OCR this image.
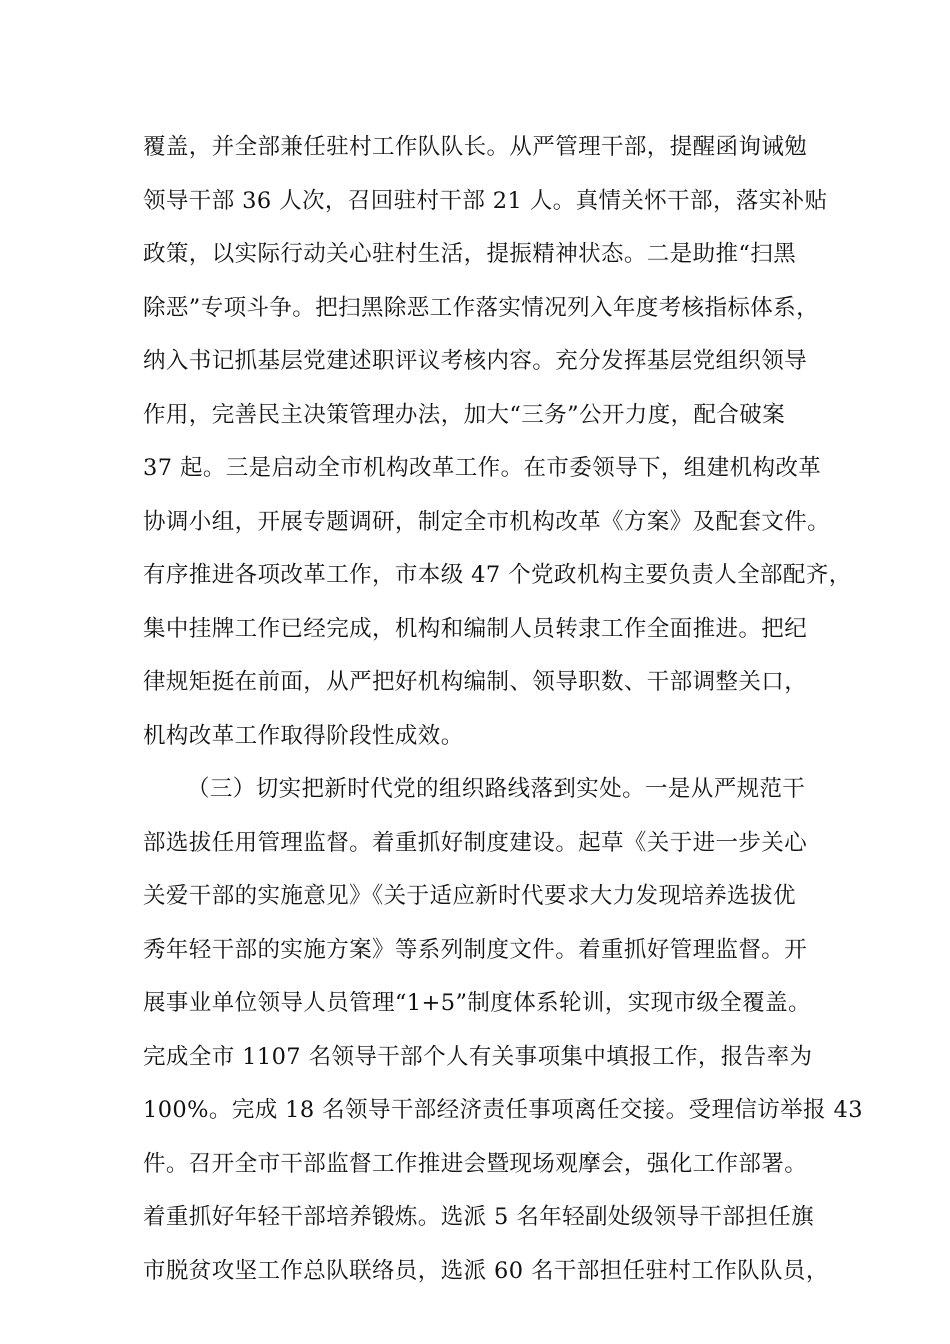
覆盖，并全部兼任驻村工作队队长。从严管理干部，提醒函询诫勉
领导干部 36 人次，召回驻村干部 21 人。真情关怀干部，落实补贴
政策，以实际行动关心驻村生活，提振精神状态。二是助推“扫黑
除恶”专项斗争。把扫黑除恶工作落实情况列入年度考核指标体系，
纳入书记抓基层党建述职评议考核内容。充分发挥基层党组织领导
作用，完善民主决策管理办法，加大“三务”公开力度，配合破案
37 起。三是启动全市机构改革工作。在市委领导下，组建机构改革
协调小组，开展专题调研，制定全市机构改革《方案》及配套文件。
有序推进各项改革工作，市本级 47 个党政机构主要负责人全部配齐，
集中挂牌工作已经完成，机构和编制人员转隶工作全面推进。把纪
律规矩挺在前面，从严把好机构编制、领导职数、干部调整关口，
机构改革工作取得阶段性成效。
（三）切实把新时代党的组织路线落到实处。一是从严规范干
部选拔任用管理监督。着重抓好制度建设。起草《关于进一步关心
关爱干部的实施意见》《关于适应新时代要求大力发现培养选拔优
秀年轻干部的实施方案》等系列制度文件。着重抓好管理监督。开
展事业单位领导人员管理“1+5”制度体系轮训，实现市级全覆盖。
完成全市 1107 名领导干部个人有关事项集中填报工作，报告率为
100%。完成 18 名领导干部经济责任事项离任交接。受理信访举报 43
件。召开全市干部监督工作推进会暨现场观摩会，强化工作部署。
着重抓好年轻干部培养锻炼。选派 5 名年轻副处级领导干部担任旗
市脱贫攻坚工作总队联络员，选派 60 名干部担任驻村工作队队员，
